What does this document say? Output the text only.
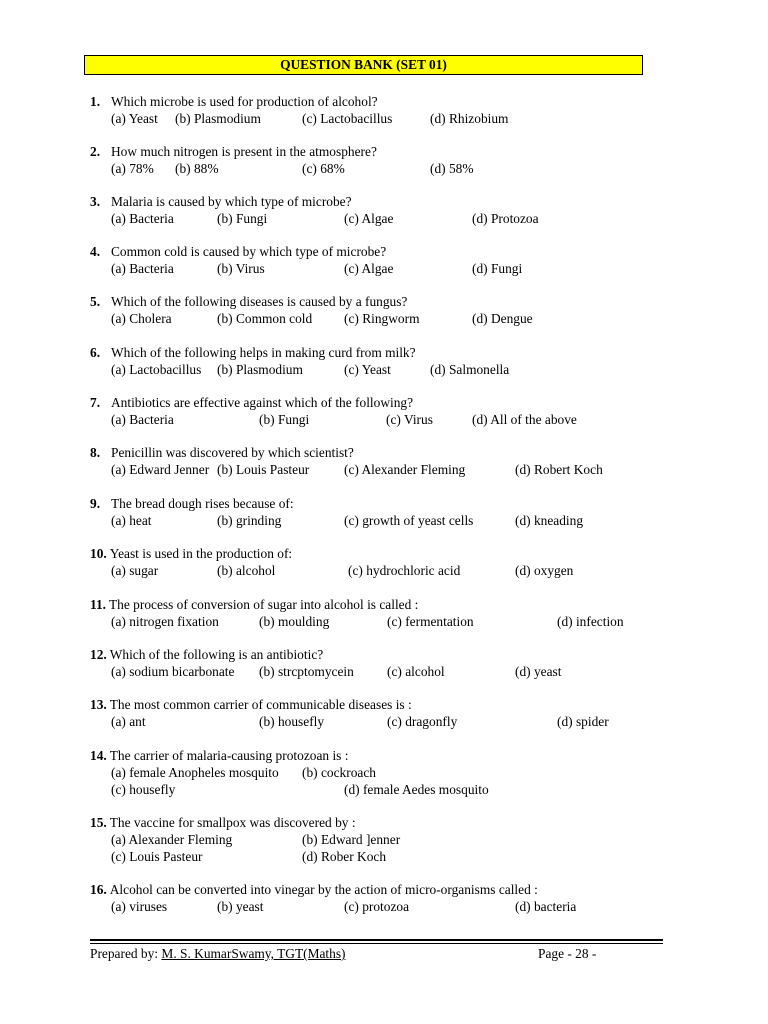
QUESTION BANK (SET 01)
1. Which microbe is used for production of alcohol?
(a) Yeast (b) Plasmodium	(c) Lactobacillus	(d) Rhizobium
2. How much nitrogen is present in the atmosphere?
(a) 78% (b) 88%	(c) 68%	(d) 58%
3. Malaria is caused by which type of microbe?
(a) Bacteria	(b) Fungi	(c) Algae	(d) Protozoa
4. Common cold is caused by which type of microbe?
(a) Bacteria	(b) Virus	(c) Algae	(d) Fungi
5. Which of the following diseases is caused by a fungus?
(a) Cholera	(b) Common cold (c) Ringworm	(d) Dengue
6. Which of the following helps in making curd from milk?
(a) Lactobacillus (b) Plasmodium	(c) Yeast	(d) Salmonella
7. Antibiotics are effective against which of the following?
(a) Bacteria	(b) Fungi	(c) Virus	(d) All of the above
8. Penicillin was discovered by which scientist?
(a) Edward Jenner (b) Louis Pasteur	(c) Alexander Fleming	(d) Robert Koch
9. The bread dough rises because of:
(a) heat	(b) grinding	(c) growth of yeast cells	(d) kneading
10. Yeast is used in the production of:
(a) sugar	(b) alcohol	(c) hydrochloric acid	(d) oxygen
11. The process of conversion of sugar into alcohol is called :
(a) nitrogen fixation	(b) moulding	(c) fermentation	(d) infection
12. Which of the following is an antibiotic?
(a) sodium bicarbonate (b) strcptomycein (c) alcohol	(d) yeast
13. The most common carrier of communicable diseases is :
(a) ant	(b) housefly	(c) dragonfly	(d) spider
14. The carrier of malaria-causing protozoan is :
(a) female Anopheles mosquito (b) cockroach
(c) housefly	(d) female Aedes mosquito
15. The vaccine for smallpox was discovered by :
(a) Alexander Fleming	(b) Edward ]enner
(c) Louis Pasteur	(d) Rober Koch
16. Alcohol can be converted into vinegar by the action of micro-organisms called :
(a) viruses	(b) yeast	(c) protozoa	(d) bacteria
Prepared by: M. S. KumarSwamy, TGT(Maths)	Page - 28 -
